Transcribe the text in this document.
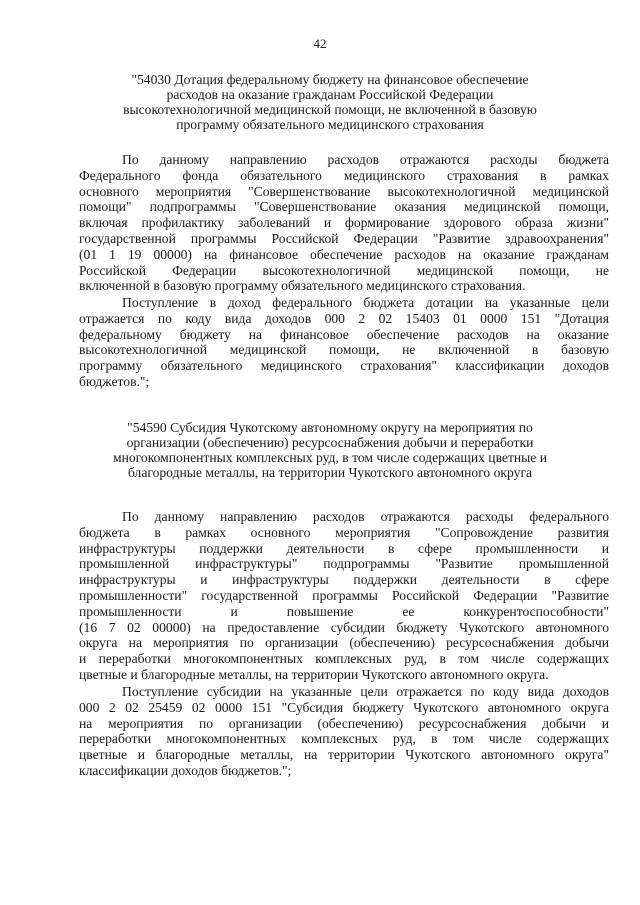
42
"54030 Дотация федеральному бюджету на финансовое обеспечение
расходов на оказание гражданам Российской Федерации
высокотехнологичной медицинской помощи, не включенной в базовую
программу обязательного медицинского страхования
По данному направлению расходов отражаются расходы бюджета
Федерального фонда обязательного медицинского страхования в рамках
основного мероприятия "Совершенствование высокотехнологичной медицинской
помощи" подпрограммы "Совершенствование оказания медицинской помощи,
включая профилактику заболеваний и формирование здорового образа жизни"
государственной программы Российской Федерации "Развитие здравоохранения"
(01 1 19 00000) на финансовое обеспечение расходов на оказание гражданам
Российской Федерации высокотехнологичной медицинской помощи, не
включенной в базовую программу обязательного медицинского страхования.
Поступление в доход федерального бюджета дотации на указанные цели
отражается по коду вида доходов 000 2 02 15403 01 0000 151 "Дотация
федеральному бюджету на финансовое обеспечение расходов на оказание
высокотехнологичной медицинской помощи, не включенной в базовую
программу обязательного медицинского страхования" классификации доходов
бюджетов.";
"54590 Субсидия Чукотскому автономному округу на мероприятия по
организации (обеспечению) ресурсоснабжения добычи и переработки
многокомпонентных комплексных руд, в том числе содержащих цветные и
благородные металлы, на территории Чукотского автономного округа
По данному направлению расходов отражаются расходы федерального
бюджета в рамках основного мероприятия "Сопровождение развития
инфраструктуры поддержки деятельности в сфере промышленности и
промышленной инфраструктуры" подпрограммы "Развитие промышленной
инфраструктуры и инфраструктуры поддержки деятельности в сфере
промышленности" государственной программы Российской Федерации "Развитие
промышленности и повышение ее конкурентоспособности"
(16 7 02 00000) на предоставление субсидии бюджету Чукотского автономного
округа на мероприятия по организации (обеспечению) ресурсоснабжения добычи
и переработки многокомпонентных комплексных руд, в том числе содержащих
цветные и благородные металлы, на территории Чукотского автономного округа.
Поступление субсидии на указанные цели отражается по коду вида доходов
000 2 02 25459 02 0000 151 "Субсидия бюджету Чукотского автономного округа
на мероприятия по организации (обеспечению) ресурсоснабжения добычи и
переработки многокомпонентных комплексных руд, в том числе содержащих
цветные и благородные металлы, на территории Чукотского автономного округа"
классификации доходов бюджетов.";
